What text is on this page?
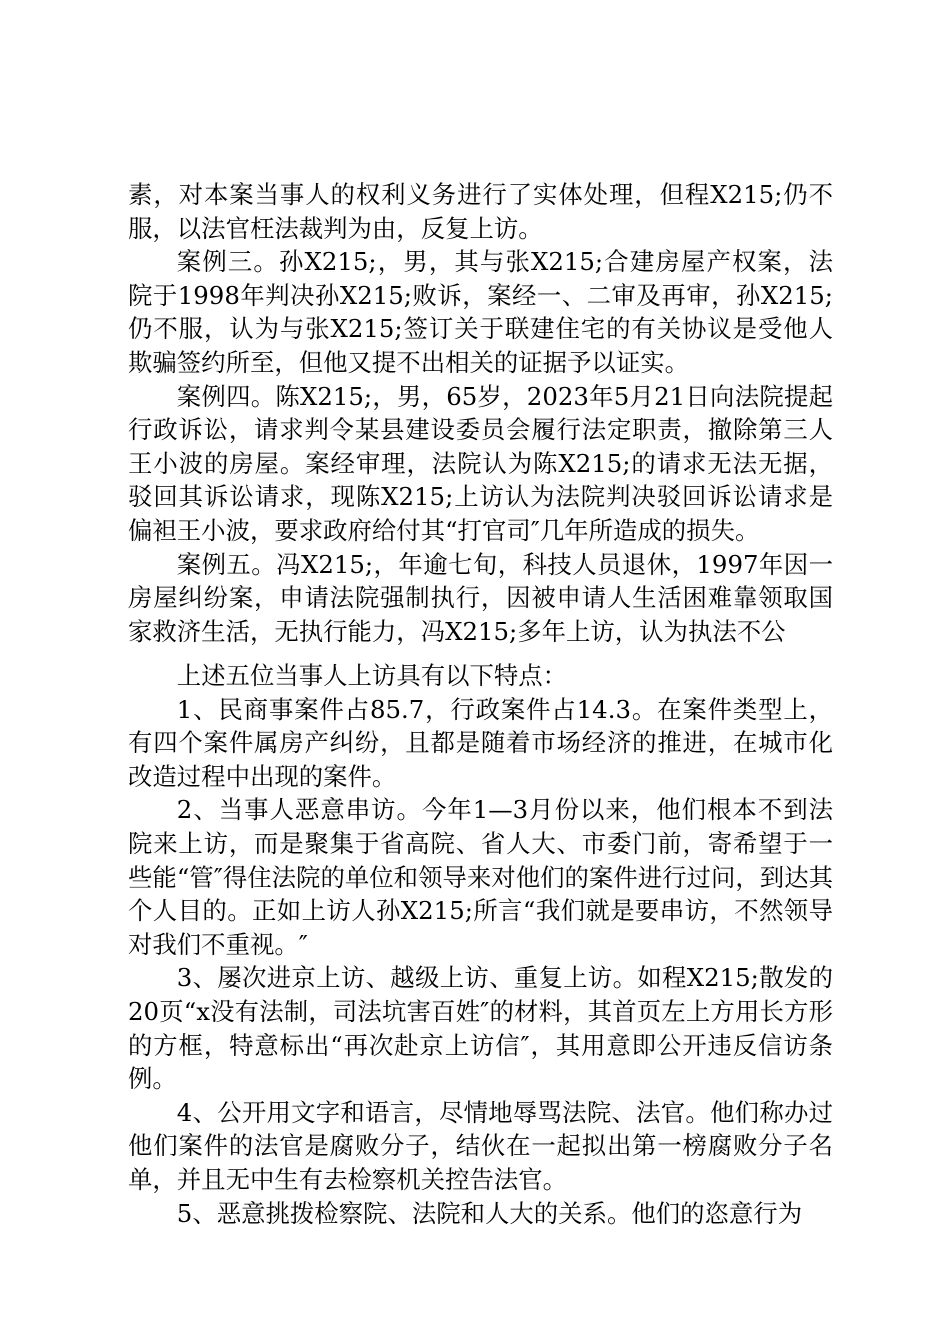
素，对本案当事人的权利义务进行了实体处理，但程X215;仍不服，以法官枉法裁判为由，反复上访。

案例三。孙X215;，男，其与张X215;合建房屋产权案，法院于1998年判决孙X215;败诉，案经一、二审及再审，孙X215;仍不服，认为与张X215;签订关于联建住宅的有关协议是受他人欺骗签约所至，但他又提不出相关的证据予以证实。

案例四。陈X215;，男，65岁，2023年5月21日向法院提起行政诉讼，请求判令某县建设委员会履行法定职责，撤除第三人王小波的房屋。案经审理，法院认为陈X215;的请求无法无据，驳回其诉讼请求，现陈X215;上访认为法院判决驳回诉讼请求是偏袒王小波，要求政府给付其“打官司″几年所造成的损失。

案例五。冯X215;，年逾七旬，科技人员退休，1997年因一房屋纠纷案，申请法院强制执行，因被申请人生活困难靠领取国家救济生活，无执行能力，冯X215;多年上访，认为执法不公

上述五位当事人上访具有以下特点：

1、民商事案件占85.7，行政案件占14.3。在案件类型上，有四个案件属房产纠纷，且都是随着市场经济的推进，在城市化改造过程中出现的案件。

2、当事人恶意串访。今年1—3月份以来，他们根本不到法院来上访，而是聚集于省高院、省人大、市委门前，寄希望于一些能“管″得住法院的单位和领导来对他们的案件进行过问，到达其个人目的。正如上访人孙X215;所言“我们就是要串访，不然领导对我们不重视。″

3、屡次进京上访、越级上访、重复上访。如程X215;散发的20页“x没有法制，司法坑害百姓″的材料，其首页左上方用长方形的方框，特意标出“再次赴京上访信″，其用意即公开违反信访条例。

4、公开用文字和语言，尽情地辱骂法院、法官。他们称办过他们案件的法官是腐败分子，结伙在一起拟出第一榜腐败分子名单，并且无中生有去检察机关控告法官。

5、恶意挑拨检察院、法院和人大的关系。他们的恣意行为
